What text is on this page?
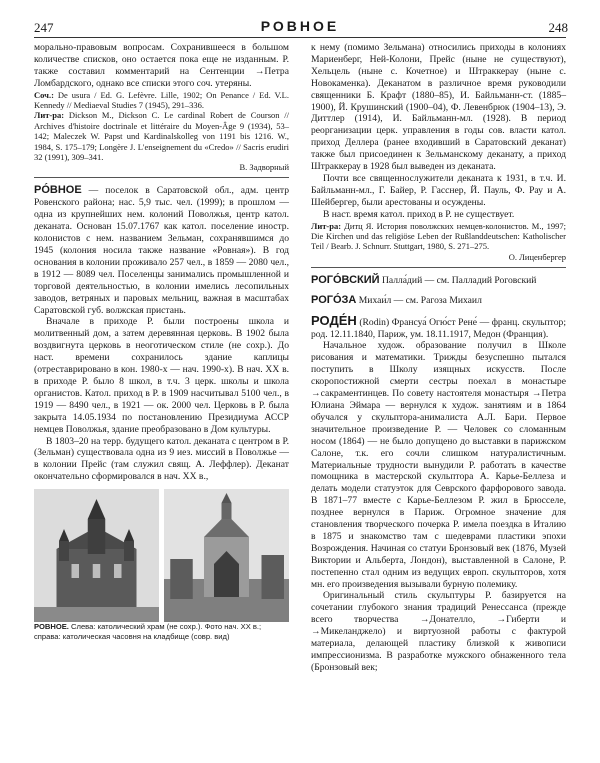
247	РОВНОЕ	248

морально-правовым вопросам. Сохранившееся в большом количестве списков, оно остается пока еще не изданным. Р. также составил комментарий на Сентенции →Петра Ломбардского, однако все списки этого соч. утеряны.

Соч.: De usura / Ed. G. Lefèvre. Lille, 1902; On Penance / Ed. V.L. Kennedy // Mediaeval Studies 7 (1945), 291–336.

Лит-ра: Dickson M., Dickson C. Le cardinal Robert de Courson // Archives d'histoire doctrinale et littéraire du Moyen-Âge 9 (1934), 53–142; Maleczek W. Papst und Kardinalskolleg von 1191 bis 1216. W., 1984, S. 175–179; Longère J. L'enseignement du «Credo» // Sacris erudiri 32 (1991), 309–341.

В. Задворный

РÓВНОЕ — поселок в Саратовской обл., адм. центр Ровенского района; нас. 5,9 тыс. чел. (1999); в прошлом — одна из крупнейших нем. колоний Поволжья, центр катол. деканата. Основан 15.07.1767 как катол. поселение иностр. колонистов с нем. названием Зельман, сохранявшимся до 1945 (колония носила также название «Ровная»). В год основания в колонии проживало 257 чел., в 1859 — 2080 чел., в 1912 — 8089 чел. Поселенцы занимались промышленной и торговой деятельностью, в колонии имелись лесопильных заводов, ветряных и паровых мельниц, важная в масштабах Саратовской губ. волжская пристань.

Вначале в приходе Р. были построены школа и молитвенный дом, а затем деревянная церковь. В 1902 была воздвигнута церковь в неоготическом стиле (не сохр.). До наст. времени сохранилось здание каплицы (отреставрировано в кон. 1980-х — нач. 1990-х). В нач. XX в. в приходе Р. было 8 школ, в т.ч. 3 церк. школы и школа органистов. Катол. приход в Р. в 1909 насчитывал 5100 чел., в 1919 — 8490 чел., в 1921 — ок. 2000 чел. Церковь в Р. была закрыта 14.05.1934 по постановлению Президиума АССР немцев Поволжья, здание преобразовано в Дом культуры.

В 1803–20 на терр. будущего катол. деканата с центром в Р. (Зельман) существовала одна из 9 иез. миссий в Поволжье — в колонии Прейс (там служил свящ. А. Леффлер). Деканат окончательно сформировался в нач. XX в.,

РОВНОЕ. Слева: католический храм (не сохр.). Фото нач. XX в.; справа: католическая часовня на кладбище (совр. вид)

к нему (помимо Зельмана) относились приходы в колониях Мариенберг, Ней-Колони, Прейс (ныне не существуют), Хельцель (ныне с. Кочетное) и Штраккерау (ныне с. Новокаменка). Деканатом в различное время руководили священники Б. Крафт (1880–85), И. Байльманн-ст. (1885–1900), Й. Крушинский (1900–04), Ф. Левенбрюк (1904–13), Э. Диттлер (1914), И. Байльманн-мл. (1928). В период реорганизации церк. управления в годы сов. власти катол. приход Деллера (ранее входивший в Саратовский деканат) также был присоединен к Зельманскому деканату, а приход Штраккерау в 1928 был выведен из деканата.

Почти все священнослужители деканата к 1931, в т.ч. И. Байльманн-мл., Г. Байер, Р. Гасснер, Й. Пауль, Ф. Рау и А. Шейбергер, были арестованы и осуждены.

В наст. время катол. приход в Р. не существует.

Лит-ра: Дитц Я. История поволжских немцев-колонистов. М., 1997; Die Kirchen und das religiöse Leben der Rußlanddeutschen: Katholischer Teil / Bearb. J. Schnurr. Stuttgart, 1980, S. 271–275.

О. Лиценбергер

РОГÓВСКИЙ Палла́дий — см. Палладий Роговский

РОГÓЗА Михаи́л — см. Рагоза Михаил

РОДЕ́Н (Rodin) Франсуа́ Огю́ст Рене́ — франц. скульптор; род. 12.11.1840, Париж, ум. 18.11.1917, Медон (Франция).

Начальное худож. образование получил в Школе рисования и математики. Трижды безуспешно пытался поступить в Школу изящных искусств. После скоропостижной смерти сестры поехал в монастыре →сакраментинцев. По совету настоятеля монастыря →Петра Юлиана Эймара — вернулся к худож. занятиям и в 1864 обучался у скульптора-анималиста А.Л. Бари. Первое значительное произведение Р. — Человек со сломанным носом (1864) — не было допущено до выставки в парижском Салоне, т.к. его сочли слишком натуралистичным. Материальные трудности вынудили Р. работать в качестве помощника в мастерской скульптора А. Карье-Беллеза и делать модели статуэток для Севрского фарфорового завода. В 1871–77 вместе с Карье-Беллезом Р. жил в Брюсселе, позднее вернулся в Париж. Огромное значение для становления творческого почерка Р. имела поездка в Италию в 1875 и знакомство там с шедеврами пластики эпохи Возрождения. Начиная со статуи Бронзовый век (1876, Музей Виктории и Альберта, Лондон), выставленной в Салоне, Р. постепенно стал одним из ведущих европ. скульпторов, хотя мн. его произведения вызывали бурную полемику.

Оригинальный стиль скульптуры Р. базируется на сочетании глубокого знания традиций Ренессанса (прежде всего творчества →Донателло, →Гиберти и →Микеланджело) и виртуозной работы с фактурой материала, делающей пластику близкой к живописи импрессионизма. В разработке мужского обнаженного тела (Бронзовый век;
